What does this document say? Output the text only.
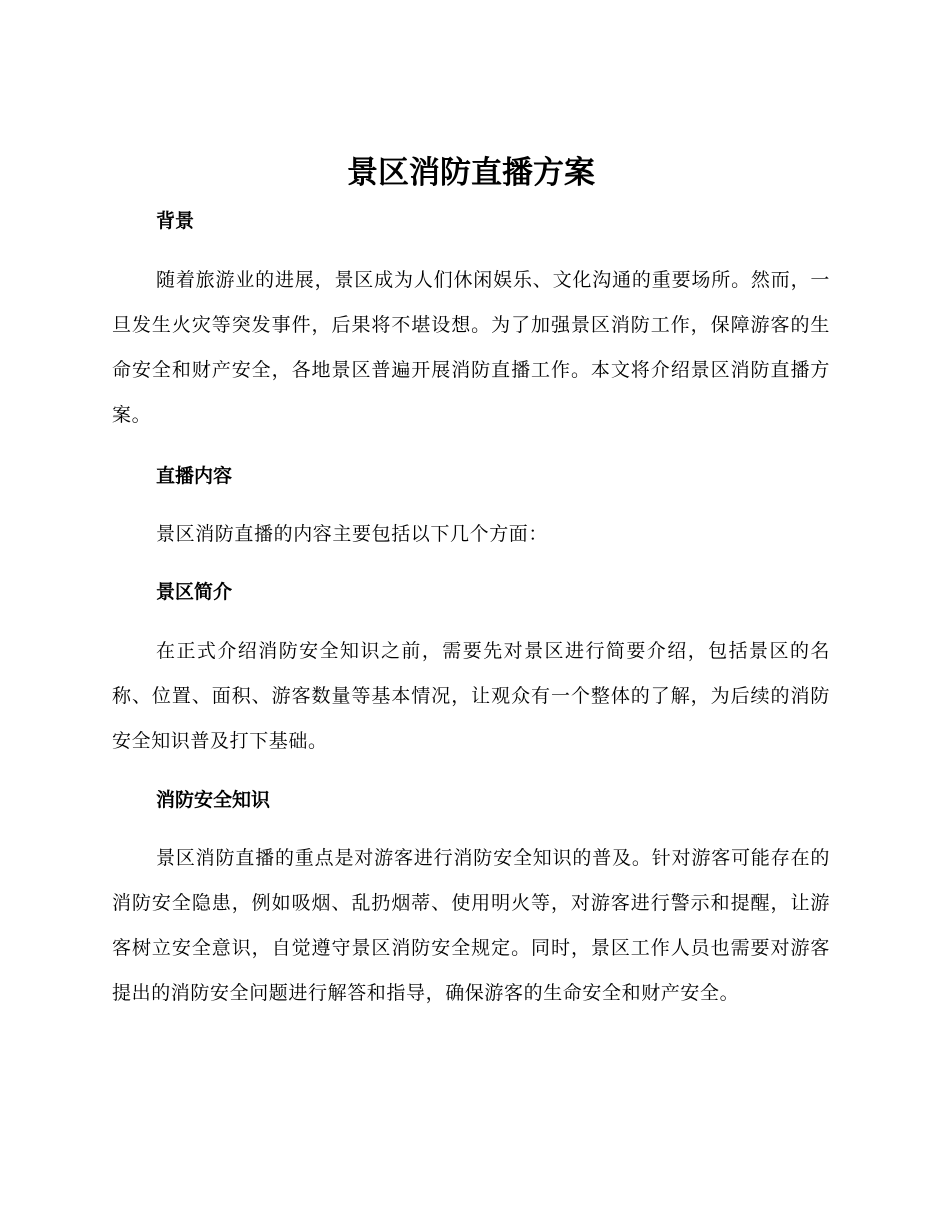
景区消防直播方案
背景

随着旅游业的进展，景区成为人们休闲娱乐、文化沟通的重要场所。然而，一旦发生火灾等突发事件，后果将不堪设想。为了加强景区消防工作，保障游客的生命安全和财产安全，各地景区普遍开展消防直播工作。本文将介绍景区消防直播方案。

直播内容

景区消防直播的内容主要包括以下几个方面：

景区简介

在正式介绍消防安全知识之前，需要先对景区进行简要介绍，包括景区的名称、位置、面积、游客数量等基本情况，让观众有一个整体的了解，为后续的消防安全知识普及打下基础。

消防安全知识

景区消防直播的重点是对游客进行消防安全知识的普及。针对游客可能存在的消防安全隐患，例如吸烟、乱扔烟蒂、使用明火等，对游客进行警示和提醒，让游客树立安全意识，自觉遵守景区消防安全规定。同时，景区工作人员也需要对游客提出的消防安全问题进行解答和指导，确保游客的生命安全和财产安全。
